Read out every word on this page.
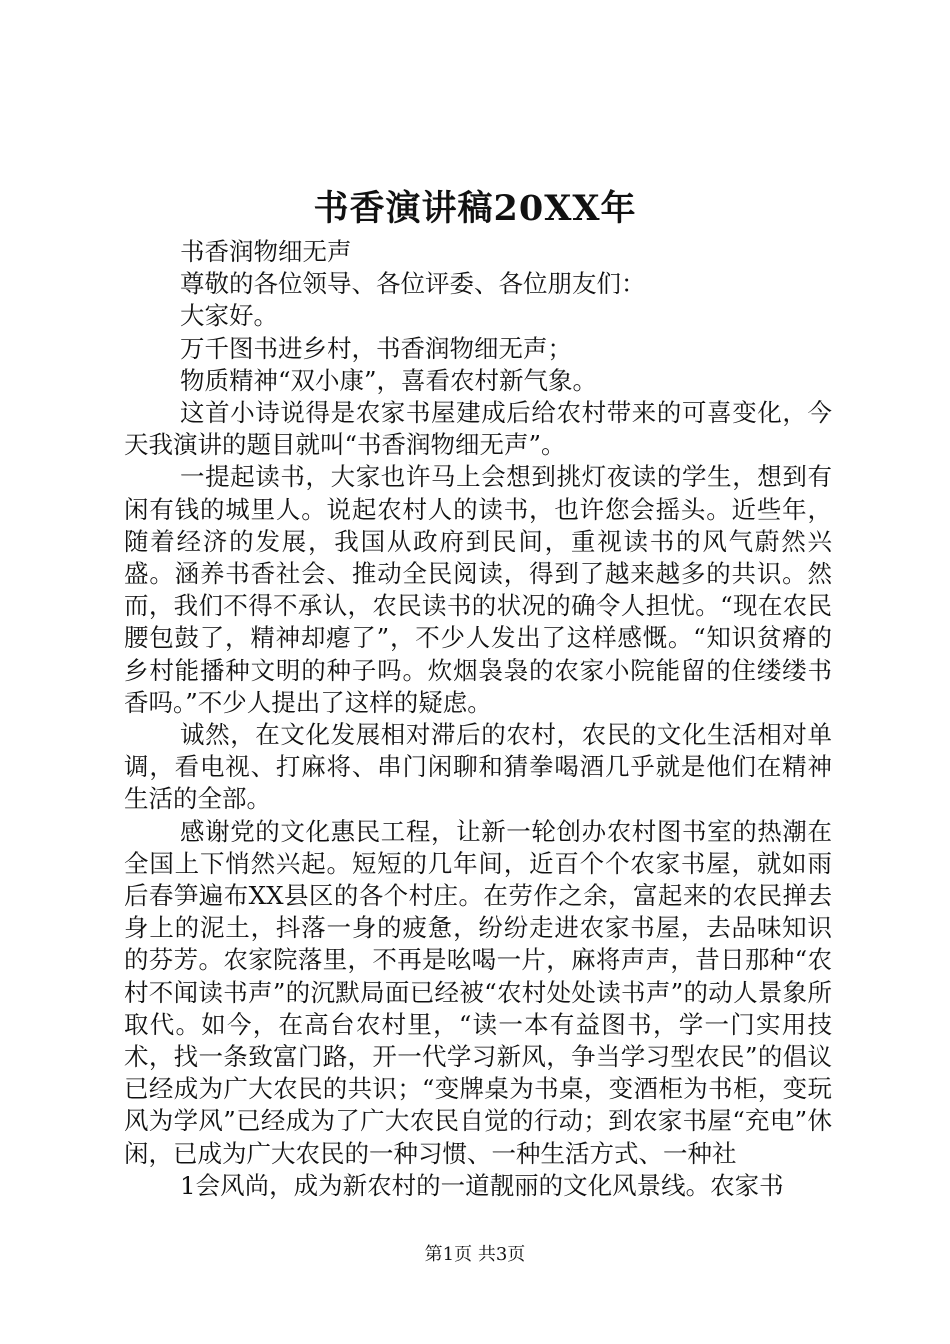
书香演讲稿20XX年

书香润物细无声

尊敬的各位领导、各位评委、各位朋友们：

大家好。

万千图书进乡村，书香润物细无声；

物质精神“双小康”，喜看农村新气象。

这首小诗说得是农家书屋建成后给农村带来的可喜变化，今天我演讲的题目就叫“书香润物细无声”。

一提起读书，大家也许马上会想到挑灯夜读的学生，想到有闲有钱的城里人。说起农村人的读书，也许您会摇头。近些年，随着经济的发展，我国从政府到民间，重视读书的风气蔚然兴盛。涵养书香社会、推动全民阅读，得到了越来越多的共识。然而，我们不得不承认，农民读书的状况的确令人担忧。“现在农民腰包鼓了，精神却瘪了”，不少人发出了这样感慨。“知识贫瘠的乡村能播种文明的种子吗。炊烟袅袅的农家小院能留的住缕缕书香吗。”不少人提出了这样的疑虑。

诚然，在文化发展相对滞后的农村，农民的文化生活相对单调，看电视、打麻将、串门闲聊和猜拳喝酒几乎就是他们在精神生活的全部。

感谢党的文化惠民工程，让新一轮创办农村图书室的热潮在全国上下悄然兴起。短短的几年间，近百个个农家书屋，就如雨后春笋遍布XX县区的各个村庄。在劳作之余，富起来的农民掸去身上的泥土，抖落一身的疲惫，纷纷走进农家书屋，去品味知识的芬芳。农家院落里，不再是吆喝一片，麻将声声，昔日那种“农村不闻读书声”的沉默局面已经被“农村处处读书声”的动人景象所取代。如今，在高台农村里，“读一本有益图书，学一门实用技术，找一条致富门路，开一代学习新风，争当学习型农民”的倡议已经成为广大农民的共识；“变牌桌为书桌，变酒柜为书柜，变玩风为学风”已经成为了广大农民自觉的行动；到农家书屋“充电”休闲，已成为广大农民的一种习惯、一种生活方式、一种社

1会风尚，成为新农村的一道靓丽的文化风景线。农家书

第1页 共3页
